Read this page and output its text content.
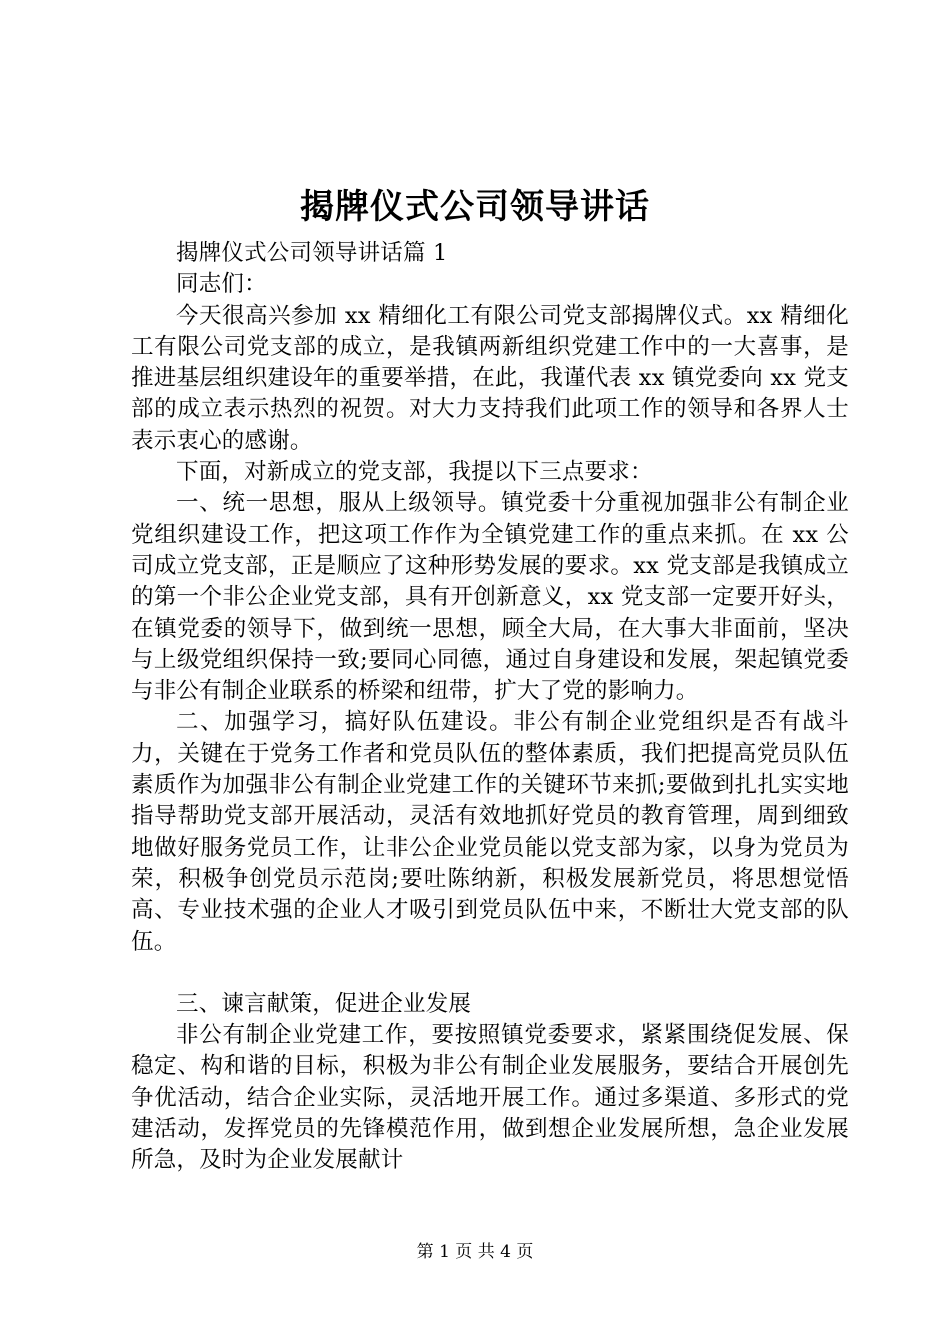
揭牌仪式公司领导讲话

揭牌仪式公司领导讲话篇 1

同志们：

今天很高兴参加 xx 精细化工有限公司党支部揭牌仪式。xx 精细化工有限公司党支部的成立，是我镇两新组织党建工作中的一大喜事，是推进基层组织建设年的重要举措，在此，我谨代表 xx 镇党委向 xx 党支部的成立表示热烈的祝贺。对大力支持我们此项工作的领导和各界人士表示衷心的感谢。

下面，对新成立的党支部，我提以下三点要求：

一、统一思想，服从上级领导。镇党委十分重视加强非公有制企业党组织建设工作，把这项工作作为全镇党建工作的重点来抓。在 xx 公司成立党支部，正是顺应了这种形势发展的要求。xx 党支部是我镇成立的第一个非公企业党支部，具有开创新意义，xx 党支部一定要开好头，在镇党委的领导下，做到统一思想，顾全大局，在大事大非面前，坚决与上级党组织保持一致;要同心同德，通过自身建设和发展，架起镇党委与非公有制企业联系的桥梁和纽带，扩大了党的影响力。

二、加强学习，搞好队伍建设。非公有制企业党组织是否有战斗力，关键在于党务工作者和党员队伍的整体素质，我们把提高党员队伍素质作为加强非公有制企业党建工作的关键环节来抓;要做到扎扎实实地指导帮助党支部开展活动，灵活有效地抓好党员的教育管理，周到细致地做好服务党员工作，让非公企业党员能以党支部为家，以身为党员为荣，积极争创党员示范岗;要吐陈纳新，积极发展新党员，将思想觉悟高、专业技术强的企业人才吸引到党员队伍中来，不断壮大党支部的队伍。

三、谏言献策，促进企业发展

非公有制企业党建工作，要按照镇党委要求，紧紧围绕促发展、保稳定、构和谐的目标，积极为非公有制企业发展服务，要结合开展创先争优活动，结合企业实际，灵活地开展工作。通过多渠道、多形式的党建活动，发挥党员的先锋模范作用，做到想企业发展所想，急企业发展所急，及时为企业发展献计

第 1 页 共 4 页
